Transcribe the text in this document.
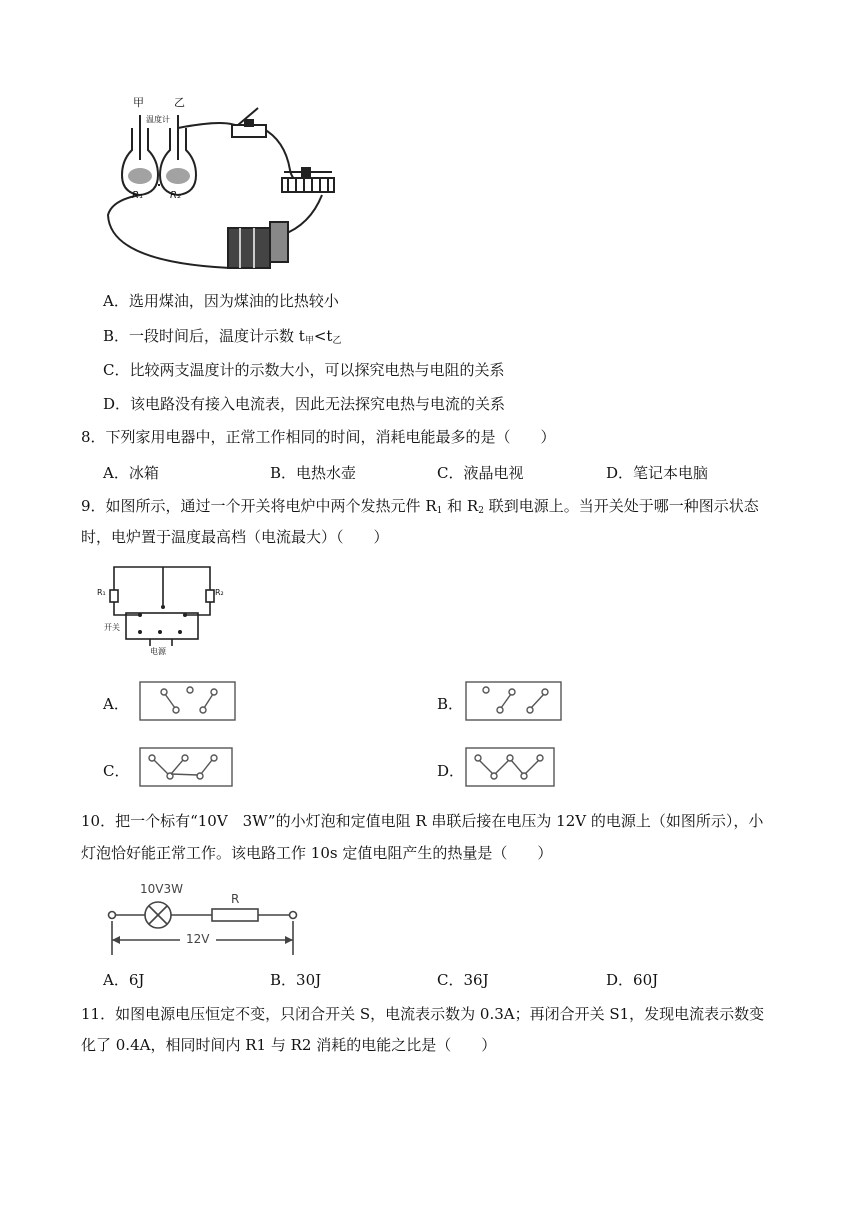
甲	乙
温度计
R₁	R₂
A．选用煤油，因为煤油的比热较小
B．一段时间后，温度计示数 $t_甲<t_乙$
C．比较两支温度计的示数大小，可以探究电热与电阻的关系
D．该电路没有接入电流表，因此无法探究电热与电流的关系
8．下列家用电器中，正常工作相同的时间，消耗电能最多的是（　　）
A．冰箱	B．电热水壶	C．液晶电视	D．笔记本电脑
9．如图所示，通过一个开关将电炉中两个发热元件 $R_1$ 和 $R_2$ 联到电源上。当开关处于哪一种图示状态
时，电炉置于温度最高档（电流最大）（　　）
R₁	R₂
开关
电源
A．	B．
C．	D．
10．把一个标有“10V　3W”的小灯泡和定值电阻 R 串联后接在电压为 12V 的电源上（如图所示），小
灯泡恰好能正常工作。该电路工作 10s 定值电阻产生的热量是（　　）
10V3W
R
12V
A．6J	B．30J	C．36J	D．60J
11．如图电源电压恒定不变，只闭合开关 S，电流表示数为 0.3A；再闭合开关 S1，发现电流表示数变
化了 0.4A，相同时间内 R1 与 R2 消耗的电能之比是（　　）
